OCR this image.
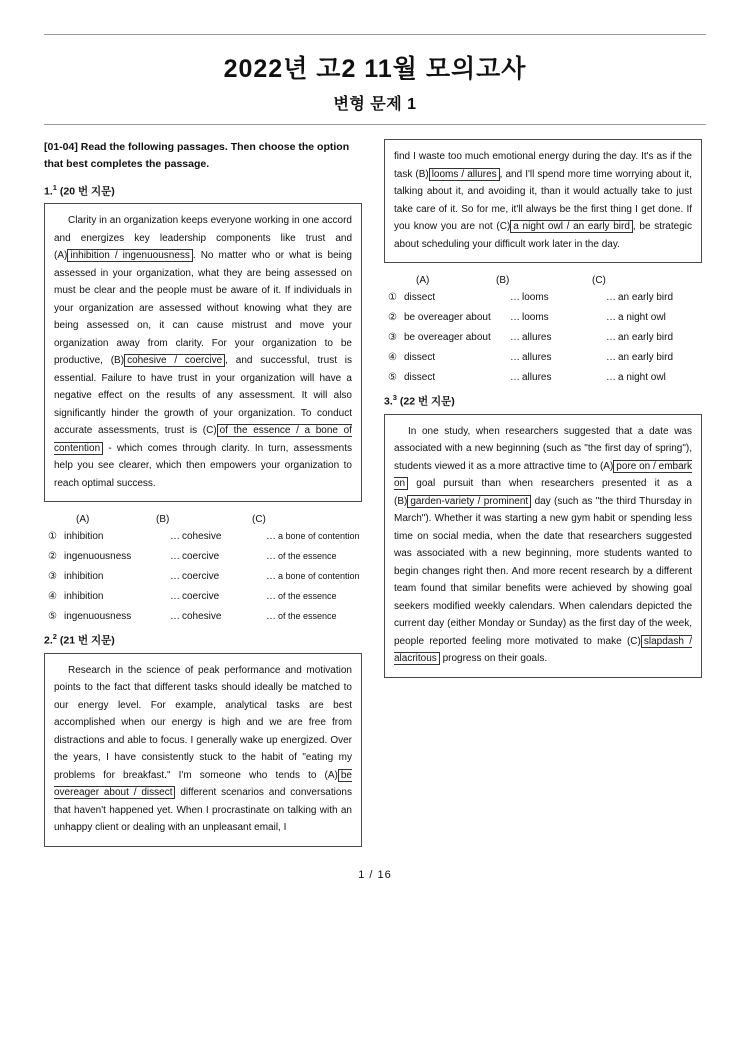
2022년 고2 11월 모의고사
변형 문제 1
[01-04] Read the following passages. Then choose the option that best completes the passage.
1.$^1$ (20 번 지문)

Clarity in an organization keeps everyone working in one accord and energizes key leadership components like trust and (A) inhibition / ingenuousness . No matter who or what is being assessed in your organization, what they are being assessed on must be clear and the people must be aware of it. If individuals in your organization are assessed without knowing what they are being assessed on, it can cause mistrust and move your organization away from clarity. For your organization to be productive, (B) cohesive / coercive , and successful, trust is essential. Failure to have trust in your organization will have a negative effect on the results of any assessment. It will also significantly hinder the growth of your organization. To conduct accurate assessments, trust is (C) of the essence / a bone of contention - which comes through clarity. In turn, assessments help you see clearer, which then empowers your organization to reach optimal success.

(A)	(B)	(C)
① inhibition	… cohesive	… a bone of contention
② ingenuousness	… coercive	… of the essence
③ inhibition	… coercive	… a bone of contention
④ inhibition	… coercive	… of the essence
⑤ ingenuousness	… cohesive	… of the essence
2.$^2$ (21 번 지문)

Research in the science of peak performance and motivation points to the fact that different tasks should ideally be matched to our energy level. For example, analytical tasks are best accomplished when our energy is high and we are free from distractions and able to focus. I generally wake up energized. Over the years, I have consistently stuck to the habit of "eating my problems for breakfast." I'm someone who tends to (A) be overeager about / dissect different scenarios and conversations that haven't happened yet. When I procrastinate on talking with an unhappy client or dealing with an unpleasant email, I

find I waste too much emotional energy during the day. It's as if the task (B) looms / allures , and I'll spend more time worrying about it, talking about it, and avoiding it, than it would actually take to just take care of it. So for me, it'll always be the first thing I get done. If you know you are not (C) a night owl / an early bird , be strategic about scheduling your difficult work later in the day.

(A)	(B)	(C)
① dissect	… looms	… an early bird
② be overeager about	… looms	… a night owl
③ be overeager about	… allures	… an early bird
④ dissect	… allures	… an early bird
⑤ dissect	… allures	… a night owl
3.$^3$ (22 번 지문)

In one study, when researchers suggested that a date was associated with a new beginning (such as "the first day of spring"), students viewed it as a more attractive time to (A) pore on / embark on goal pursuit than when researchers presented it as a (B) garden-variety / prominent day (such as "the third Thursday in March"). Whether it was starting a new gym habit or spending less time on social media, when the date that researchers suggested was associated with a new beginning, more students wanted to begin changes right then. And more recent research by a different team found that similar benefits were achieved by showing goal seekers modified weekly calendars. When calendars depicted the current day (either Monday or Sunday) as the first day of the week, people reported feeling more motivated to make (C) slapdash / alacritous progress on their goals.

1 / 16
